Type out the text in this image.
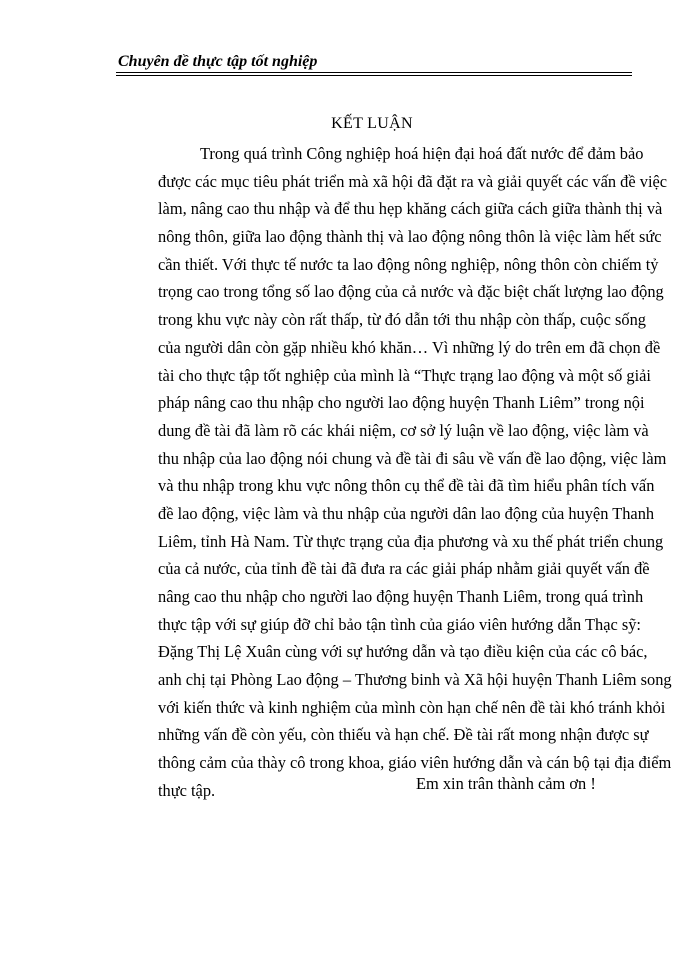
Chuyên đề thực tập tốt nghiệp
KẾT LUẬN
Trong quá trình Công nghiệp hoá hiện đại hoá đất nước để đảm bảo
được các mục tiêu phát triển mà xã hội đã đặt ra và giải quyết các vấn đề việc
làm, nâng cao thu nhập và để thu hẹp khăng cách giữa cách giữa thành thị và
nông thôn, giữa lao động thành thị và lao động nông thôn là việc làm hết sức
cần thiết. Với thực tế nước ta lao động nông nghiệp, nông thôn còn chiếm tỷ
trọng cao trong tổng số lao động của cả nước và đặc biệt chất lượng lao động
trong khu vực này còn rất thấp, từ đó dẫn tới thu nhập còn thấp, cuộc sống
của người dân còn gặp nhiều khó khăn… Vì những lý do trên em đã chọn đề
tài cho thực tập tốt nghiệp của mình là “Thực trạng lao động và một số giải
pháp nâng cao thu nhập cho người lao động huyện Thanh Liêm” trong nội
dung đề tài đã làm rõ các khái niệm, cơ sở lý luận về lao động, việc làm và
thu nhập của lao động nói chung và đề tài đi sâu về vấn đề lao động, việc làm
và thu nhập trong khu vực nông thôn cụ thể đề tài đã tìm hiểu phân tích vấn
đề lao động, việc làm và thu nhập của người dân lao động của huyện Thanh
Liêm, tỉnh Hà Nam. Từ thực trạng của địa phương và xu thế phát triển chung
của cả nước, của tỉnh đề tài đã đưa ra các giải pháp nhằm giải quyết vấn đề
nâng cao thu nhập cho người lao động huyện Thanh Liêm, trong quá trình
thực tập với sự giúp đỡ chỉ bảo tận tình của giáo viên hướng dẫn Thạc sỹ:
Đặng Thị Lệ Xuân cùng với sự hướng dẫn và tạo điều kiện của các cô bác,
anh chị tại Phòng Lao động – Thương binh và Xã hội huyện Thanh Liêm song
với kiến thức và kinh nghiệm của mình còn hạn chế nên đề tài khó tránh khỏi
những vấn đề còn yếu, còn thiếu và hạn chế. Đề tài rất mong nhận được sự
thông cảm của thày cô trong khoa, giáo viên hướng dẫn và cán bộ tại địa điểm
thực tập.	Em xin trân thành cảm ơn !
